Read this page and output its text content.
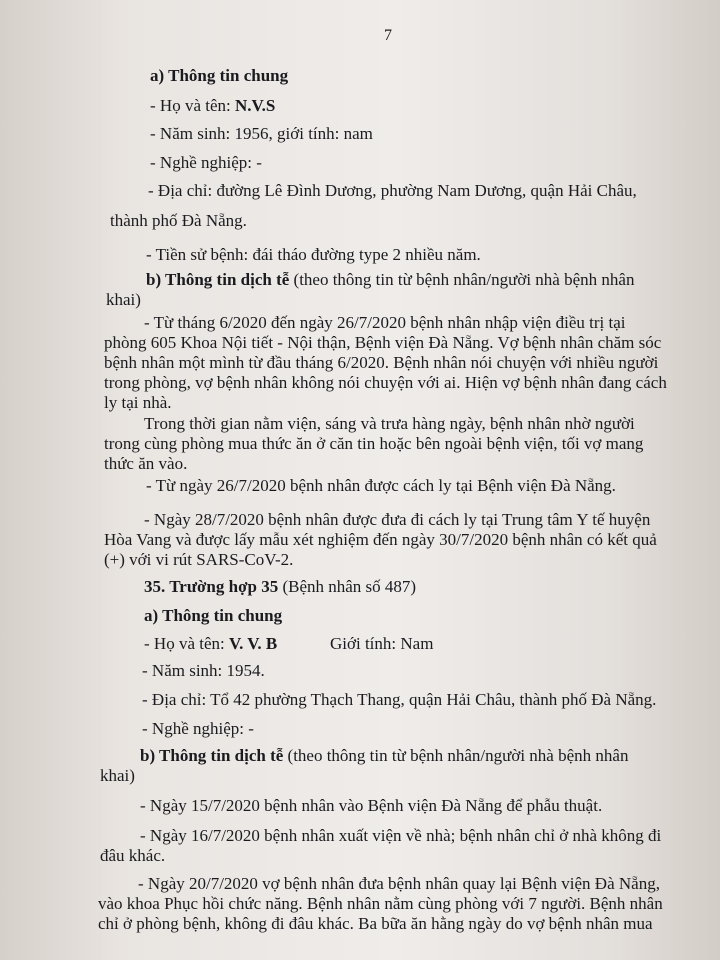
7
a) Thông tin chung
- Họ và tên: N.V.S
- Năm sinh: 1956, giới tính: nam
- Nghề nghiệp: -
- Địa chỉ: đường Lê Đình Dương, phường Nam Dương, quận Hải Châu,
thành phố Đà Nẵng.
- Tiền sử bệnh: đái tháo đường type 2 nhiều năm.
b) Thông tin dịch tễ (theo thông tin từ bệnh nhân/người nhà bệnh nhân
khai)
- Từ tháng 6/2020 đến ngày 26/7/2020 bệnh nhân nhập viện điều trị tại
phòng 605 Khoa Nội tiết - Nội thận, Bệnh viện Đà Nẵng. Vợ bệnh nhân chăm sóc
bệnh nhân một mình từ đầu tháng 6/2020. Bệnh nhân nói chuyện với nhiều người
trong phòng, vợ bệnh nhân không nói chuyện với ai. Hiện vợ bệnh nhân đang cách
ly tại nhà.
Trong thời gian nằm viện, sáng và trưa hàng ngày, bệnh nhân nhờ người
trong cùng phòng mua thức ăn ở căn tin hoặc bên ngoài bệnh viện, tối vợ mang
thức ăn vào.
- Từ ngày 26/7/2020 bệnh nhân được cách ly tại Bệnh viện Đà Nẵng.
- Ngày 28/7/2020 bệnh nhân được đưa đi cách ly tại Trung tâm Y tế huyện
Hòa Vang và được lấy mẫu xét nghiệm đến ngày 30/7/2020 bệnh nhân có kết quả
(+) với vi rút SARS-CoV-2.
35. Trường hợp 35 (Bệnh nhân số 487)
a) Thông tin chung
- Họ và tên: V. V. B	Giới tính: Nam
- Năm sinh: 1954.
- Địa chỉ: Tổ 42 phường Thạch Thang, quận Hải Châu, thành phố Đà Nẵng.
- Nghề nghiệp: -
b) Thông tin dịch tễ (theo thông tin từ bệnh nhân/người nhà bệnh nhân
khai)
- Ngày 15/7/2020 bệnh nhân vào Bệnh viện Đà Nẵng để phẫu thuật.
- Ngày 16/7/2020 bệnh nhân xuất viện về nhà; bệnh nhân chỉ ở nhà không đi
đâu khác.
- Ngày 20/7/2020 vợ bệnh nhân đưa bệnh nhân quay lại Bệnh viện Đà Nẵng,
vào khoa Phục hồi chức năng. Bệnh nhân nằm cùng phòng với 7 người. Bệnh nhân
chỉ ở phòng bệnh, không đi đâu khác. Ba bữa ăn hằng ngày do vợ bệnh nhân mua
